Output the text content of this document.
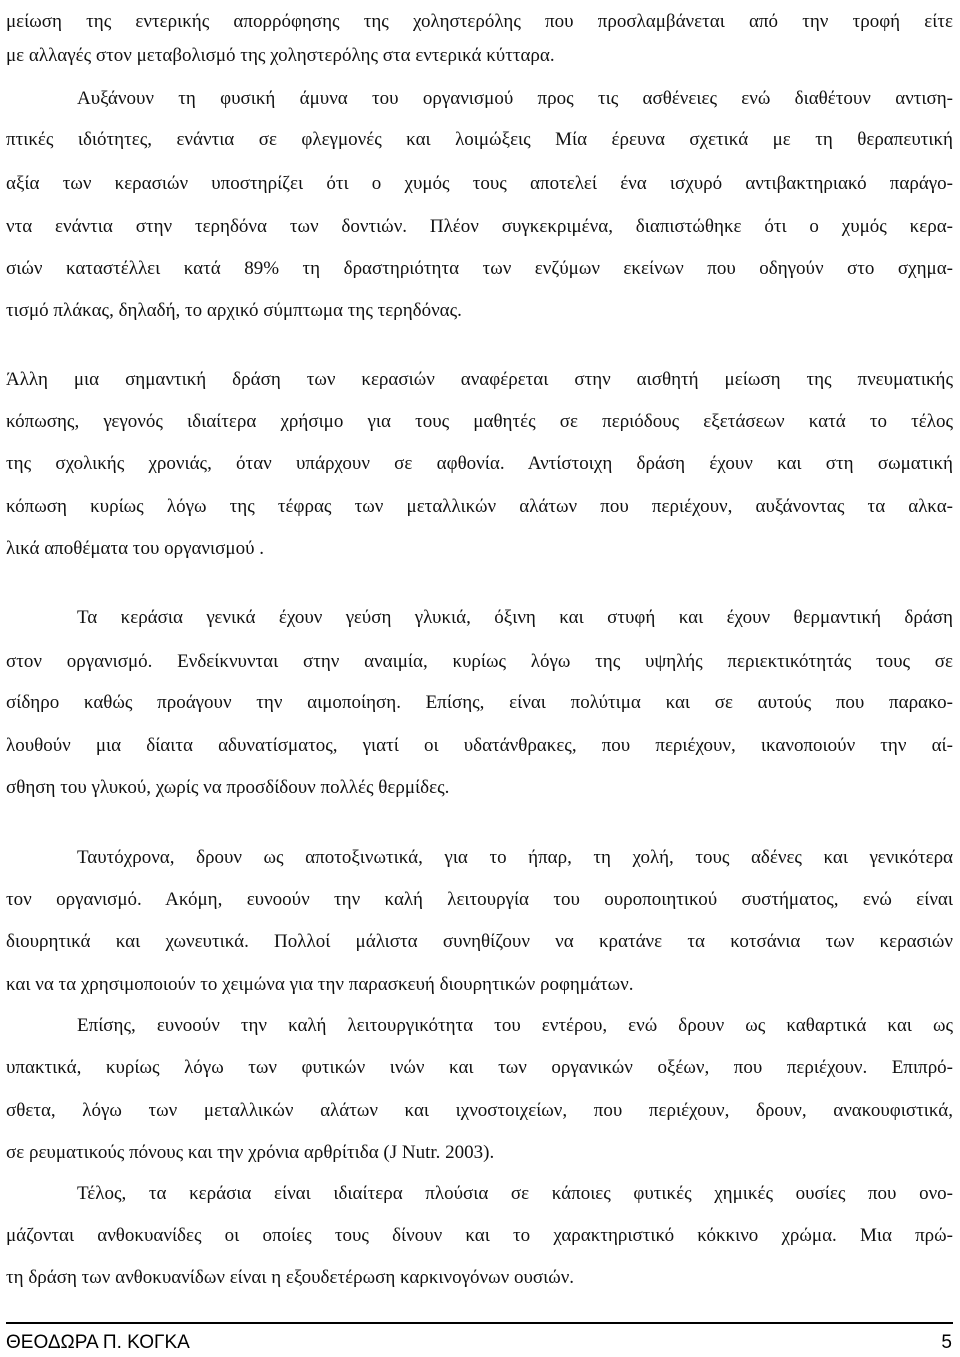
μείωση της εντερικής απορρόφησης της χοληστερόλης που προσλαμβάνεται από την τροφή είτε
με αλλαγές στον μεταβολισμό της χοληστερόλης στα εντερικά κύτταρα.
Αυξάνουν τη φυσική άμυνα του οργανισμού προς τις ασθένειες ενώ διαθέτουν αντιση-
πτικές ιδιότητες, ενάντια σε φλεγμονές και λοιμώξεις Μία έρευνα σχετικά με τη θεραπευτική
αξία των κερασιών υποστηρίζει ότι ο χυμός τους αποτελεί ένα ισχυρό αντιβακτηριακό παράγο-
ντα ενάντια στην τερηδόνα των δοντιών. Πλέον συγκεκριμένα, διαπιστώθηκε ότι ο χυμός κερα-
σιών καταστέλλει κατά 89% τη δραστηριότητα των ενζύμων εκείνων που οδηγούν στο σχημα-
τισμό πλάκας, δηλαδή, το αρχικό σύμπτωμα της τερηδόνας.
Άλλη μια σημαντική δράση των κερασιών αναφέρεται στην αισθητή μείωση της πνευματικής
κόπωσης, γεγονός ιδιαίτερα χρήσιμο για τους μαθητές σε περιόδους εξετάσεων κατά το τέλος
της σχολικής χρονιάς, όταν υπάρχουν σε αφθονία. Αντίστοιχη δράση έχουν και στη σωματική
κόπωση κυρίως λόγω της τέφρας των μεταλλικών αλάτων που περιέχουν, αυξάνοντας τα αλκα-
λικά αποθέματα του οργανισμού .
Τα κεράσια γενικά έχουν γεύση γλυκιά, όξινη και στυφή και έχουν θερμαντική δράση
στον οργανισμό. Ενδείκνυνται στην αναιμία, κυρίως λόγω της υψηλής περιεκτικότητάς τους σε
σίδηρο καθώς προάγουν την αιμοποίηση. Επίσης, είναι πολύτιμα και σε αυτούς που παρακο-
λουθούν μια δίαιτα αδυνατίσματος, γιατί οι υδατάνθρακες, που περιέχουν, ικανοποιούν την αί-
σθηση του γλυκού, χωρίς να προσδίδουν πολλές θερμίδες.
Ταυτόχρονα, δρουν ως αποτοξινωτικά, για το ήπαρ, τη χολή, τους αδένες και γενικότερα
τον οργανισμό. Ακόμη, ευνοούν την καλή λειτουργία του ουροποιητικού συστήματος, ενώ είναι
διουρητικά και χωνευτικά. Πολλοί μάλιστα συνηθίζουν να κρατάνε τα κοτσάνια των κερασιών
και να τα χρησιμοποιούν το χειμώνα για την παρασκευή διουρητικών ροφημάτων.
Επίσης, ευνοούν την καλή λειτουργικότητα του εντέρου, ενώ δρουν ως καθαρτικά και ως
υπακτικά, κυρίως λόγω των φυτικών ινών και των οργανικών οξέων, που περιέχουν. Επιπρό-
σθετα, λόγω των μεταλλικών αλάτων και ιχνοστοιχείων, που περιέχουν, δρουν, ανακουφιστικά,
σε ρευματικούς πόνους και την χρόνια αρθρίτιδα (J Nutr. 2003).
Τέλος, τα κεράσια είναι ιδιαίτερα πλούσια σε κάποιες φυτικές χημικές ουσίες που ονο-
μάζονται ανθοκυανίδες οι οποίες τους δίνουν και το χαρακτηριστικό κόκκινο χρώμα. Μια πρώ-
τη δράση των ανθοκυανίδων είναι η εξουδετέρωση καρκινογόνων ουσιών.
ΘΕΟΔΩΡΑ Π. ΚΟΓΚΑ	5
